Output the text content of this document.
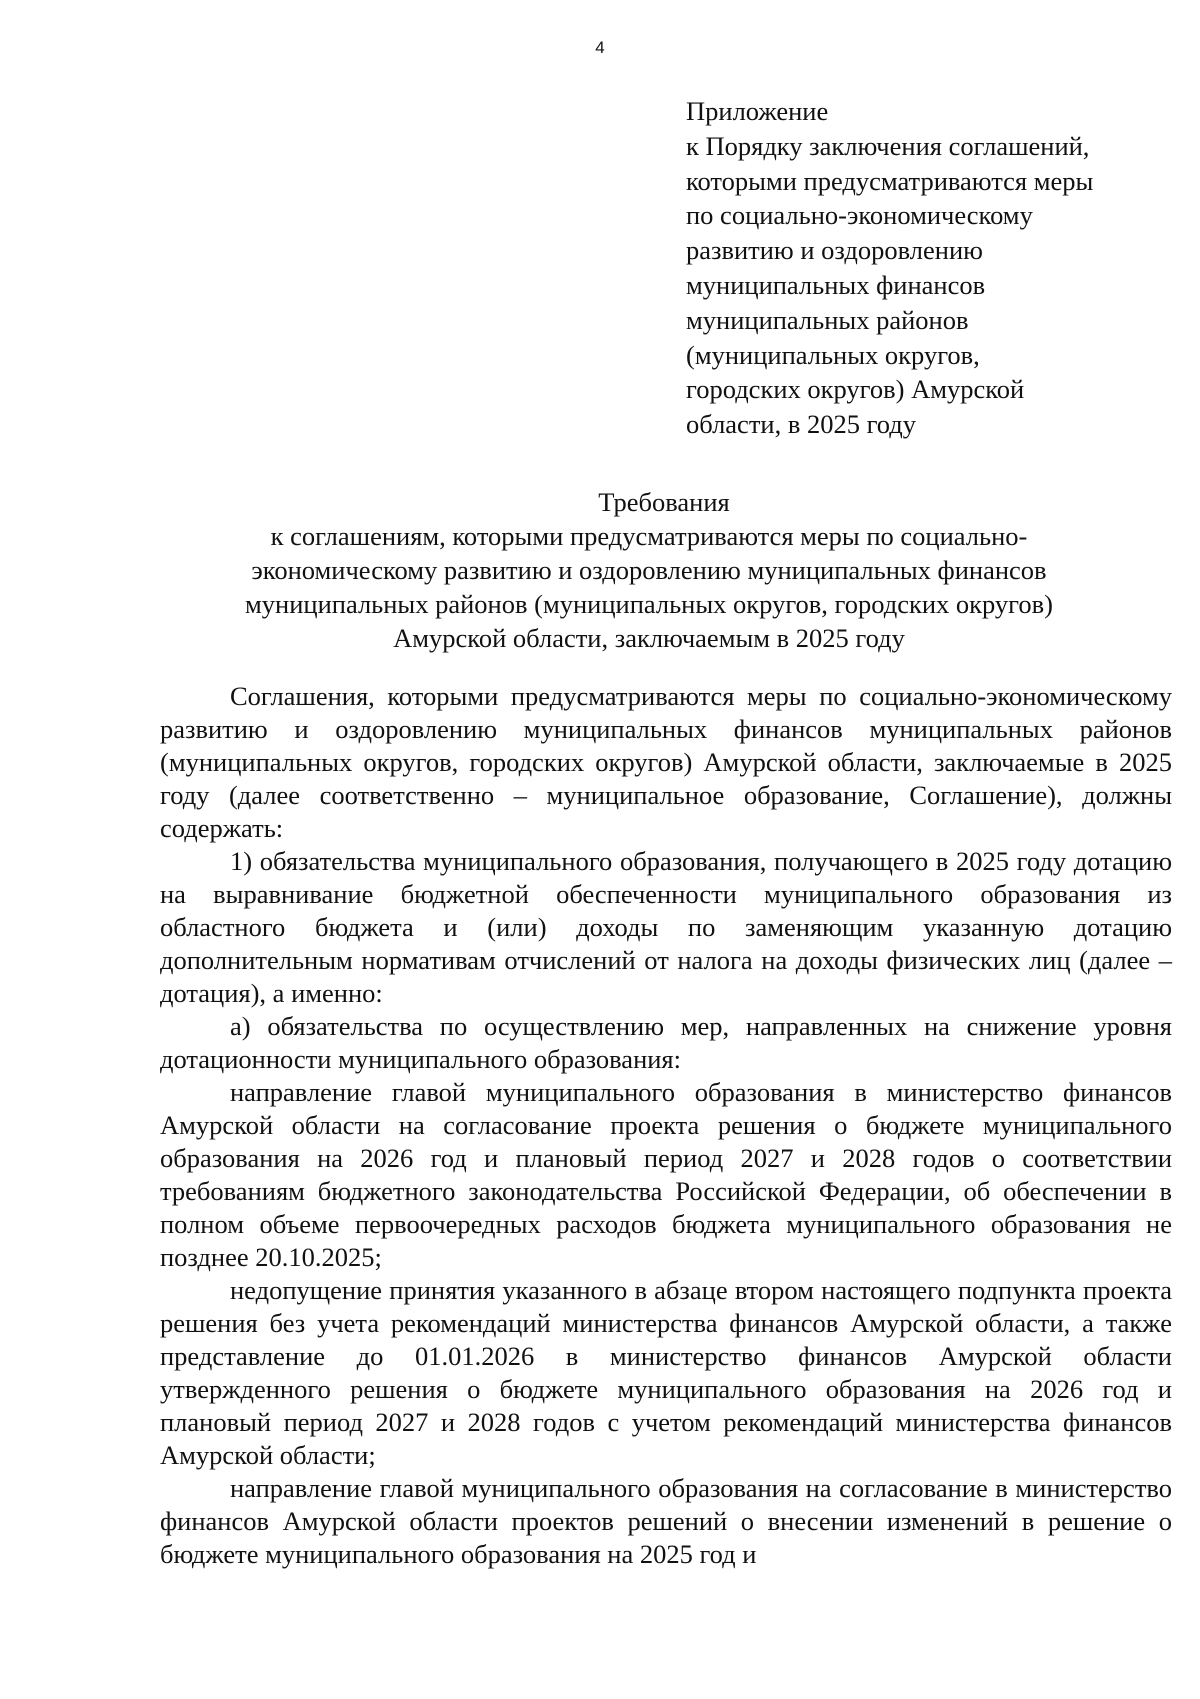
4
Приложение
к Порядку заключения соглашений,
которыми предусматриваются меры
по социально-экономическому
развитию и оздоровлению
муниципальных финансов
муниципальных районов
(муниципальных округов,
городских округов) Амурской
области, в 2025 году
Требования
к соглашениям, которыми предусматриваются меры по социально-
экономическому развитию и оздоровлению муниципальных финансов
муниципальных районов (муниципальных округов, городских округов)
Амурской области, заключаемым в 2025 году

Соглашения, которыми предусматриваются меры по социально-экономическому развитию и оздоровлению муниципальных финансов муниципальных районов (муниципальных округов, городских округов) Амурской области, заключаемые в 2025 году (далее соответственно – муниципальное образование, Соглашение), должны содержать:

1) обязательства муниципального образования, получающего в 2025 году дотацию на выравнивание бюджетной обеспеченности муниципального образования из областного бюджета и (или) доходы по заменяющим указанную дотацию дополнительным нормативам отчислений от налога на доходы физических лиц (далее – дотация), а именно:

а) обязательства по осуществлению мер, направленных на снижение уровня дотационности муниципального образования:

направление главой муниципального образования в министерство финансов Амурской области на согласование проекта решения о бюджете муниципального образования на 2026 год и плановый период 2027 и 2028 годов о соответствии требованиям бюджетного законодательства Российской Федерации, об обеспечении в полном объеме первоочередных расходов бюджета муниципального образования не позднее 20.10.2025;

недопущение принятия указанного в абзаце втором настоящего подпункта проекта решения без учета рекомендаций министерства финансов Амурской области, а также представление до 01.01.2026 в министерство финансов Амурской области утвержденного решения о бюджете муниципального образования на 2026 год и плановый период 2027 и 2028 годов с учетом рекомендаций министерства финансов Амурской области;

направление главой муниципального образования на согласование в министерство финансов Амурской области проектов решений о внесении изменений в решение о бюджете муниципального образования на 2025 год и
